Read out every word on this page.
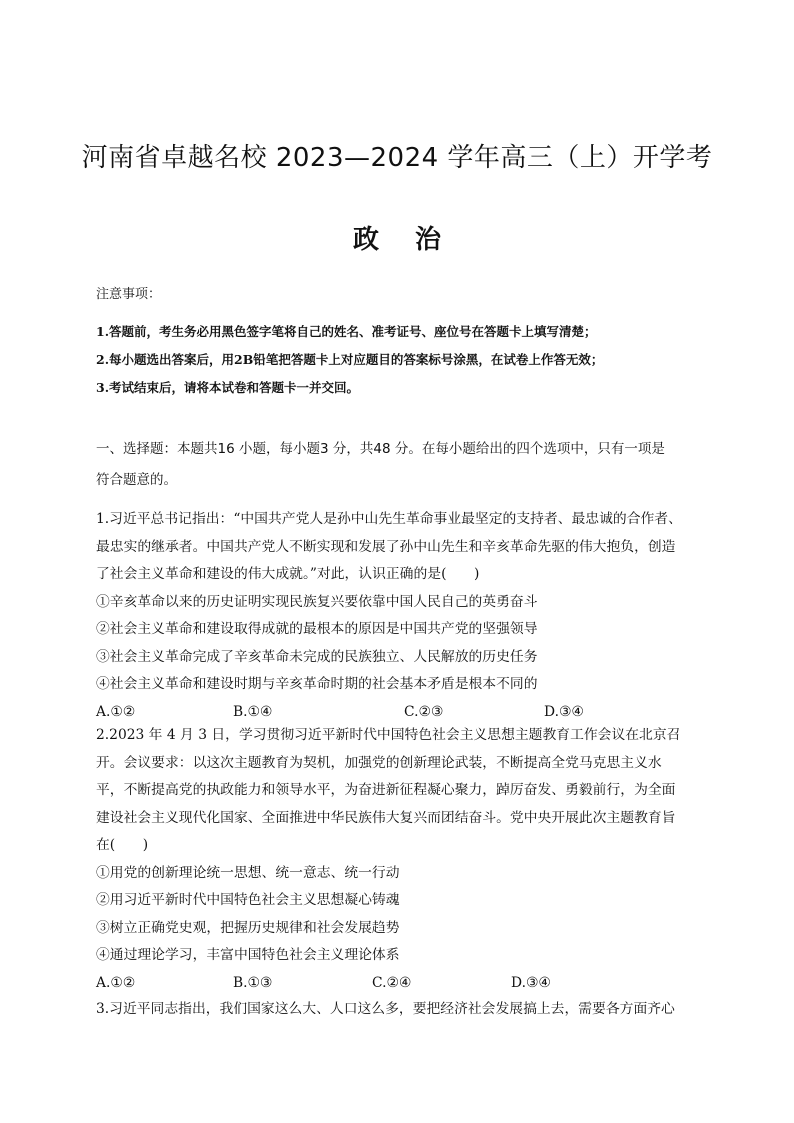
河南省卓越名校 2023—2024 学年高三（上）开学考
政 治
注意事项：
1.答题前，考生务必用黑色签字笔将自己的姓名、准考证号、座位号在答题卡上填写清楚；
2.每小题选出答案后，用2B铅笔把答题卡上对应题目的答案标号涂黑，在试卷上作答无效；
3.考试结束后，请将本试卷和答题卡一并交回。
一、选择题：本题共16 小题，每小题3 分，共48 分。在每小题给出的四个选项中，只有一项是
符合题意的。
1.习近平总书记指出：“中国共产党人是孙中山先生革命事业最坚定的支持者、最忠诚的合作者、
最忠实的继承者。中国共产党人不断实现和发展了孙中山先生和辛亥革命先驱的伟大抱负，创造
了社会主义革命和建设的伟大成就。”对此，认识正确的是(　　)
①辛亥革命以来的历史证明实现民族复兴要依靠中国人民自己的英勇奋斗
②社会主义革命和建设取得成就的最根本的原因是中国共产党的坚强领导
③社会主义革命完成了辛亥革命未完成的民族独立、人民解放的历史任务
④社会主义革命和建设时期与辛亥革命时期的社会基本矛盾是根本不同的
A.①②	B.①④	C.②③	D.③④
2.2023 年 4 月 3 日，学习贯彻习近平新时代中国特色社会主义思想主题教育工作会议在北京召
开。会议要求：以这次主题教育为契机，加强党的创新理论武装，不断提高全党马克思主义水
平，不断提高党的执政能力和领导水平，为奋进新征程凝心聚力，踔厉奋发、勇毅前行，为全面
建设社会主义现代化国家、全面推进中华民族伟大复兴而团结奋斗。党中央开展此次主题教育旨
在(　　)
①用党的创新理论统一思想、统一意志、统一行动
②用习近平新时代中国特色社会主义思想凝心铸魂
③树立正确党史观，把握历史规律和社会发展趋势
④通过理论学习，丰富中国特色社会主义理论体系
A.①②	B.①③	C.②④	D.③④
3.习近平同志指出，我们国家这么大、人口这么多，要把经济社会发展搞上去，需要各方面齐心
